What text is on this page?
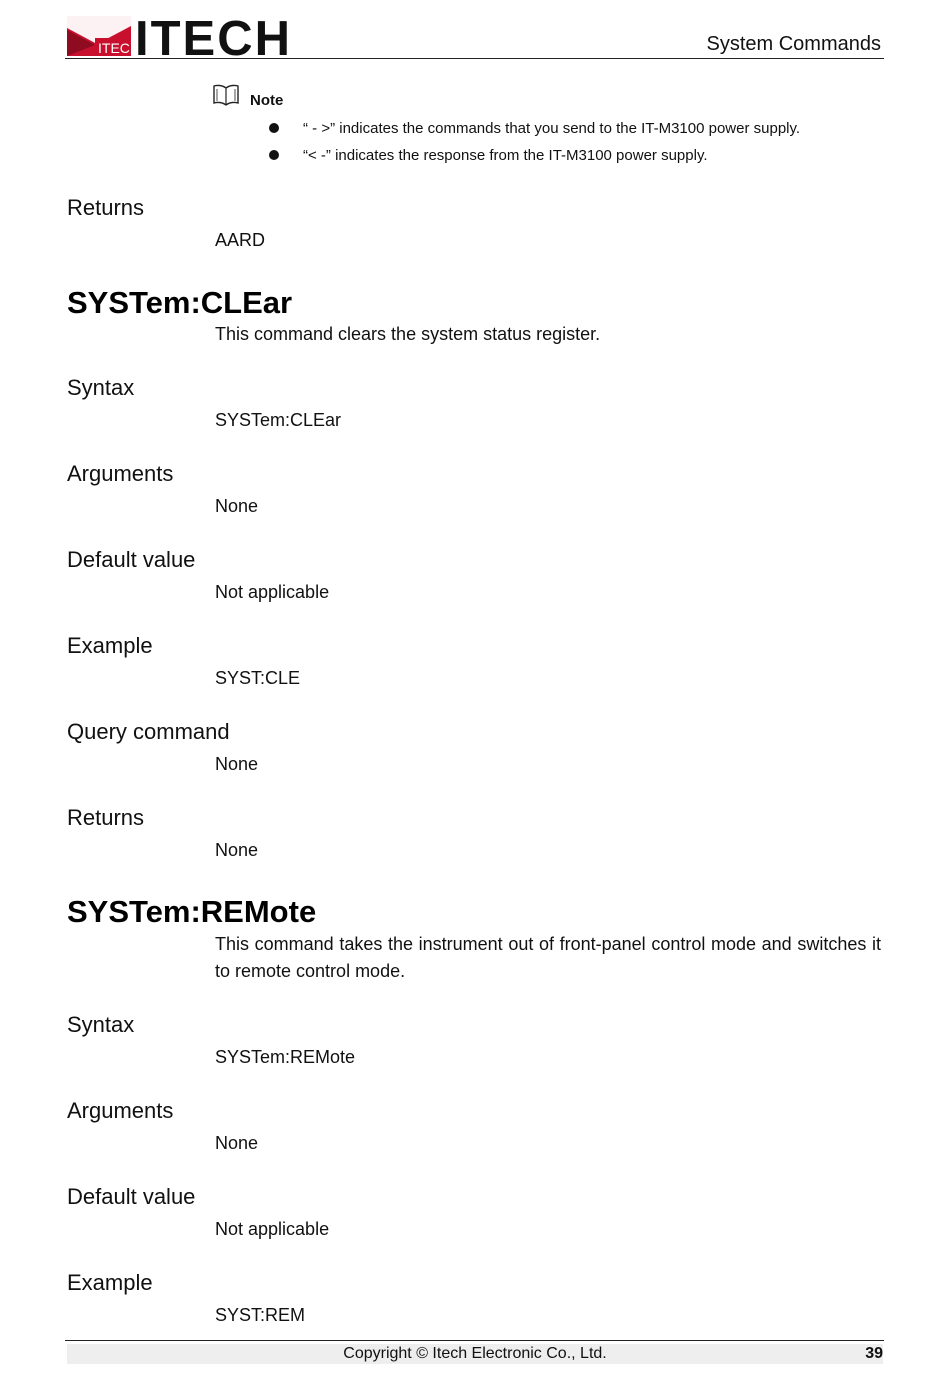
ITECH
ITECH	System Commands
Note
“ - >” indicates the commands that you send to the IT-M3100 power supply.
“< -” indicates the response from the IT-M3100 power supply.
Returns
AARD
SYSTem:CLEar
This command clears the system status register.
Syntax
SYSTem:CLEar
Arguments
None
Default value
Not applicable
Example
SYST:CLE
Query command
None
Returns
None
SYSTem:REMote

This command takes the instrument out of front-panel control mode and switches it to remote control mode.

Syntax
SYSTem:REMote
Arguments
None
Default value
Not applicable
Example
SYST:REM
Copyright © Itech Electronic Co., Ltd.	39
